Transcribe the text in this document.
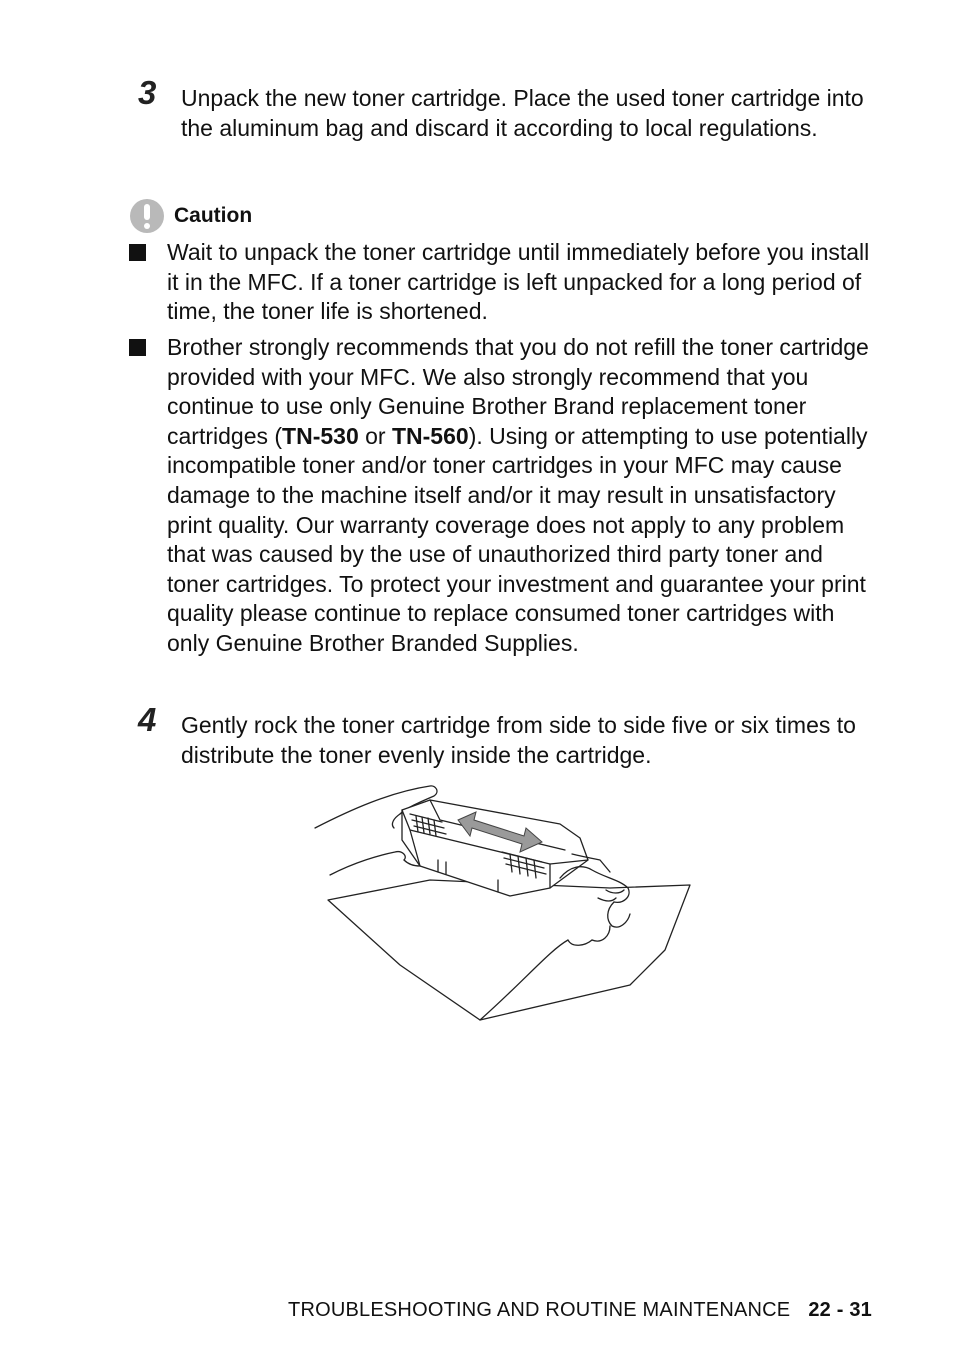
3 Unpack the new toner cartridge. Place the used toner cartridge into the aluminum bag and discard it according to local regulations.
Caution
Wait to unpack the toner cartridge until immediately before you install it in the MFC. If a toner cartridge is left unpacked for a long period of time, the toner life is shortened.
Brother strongly recommends that you do not refill the toner cartridge provided with your MFC. We also strongly recommend that you continue to use only Genuine Brother Brand replacement toner cartridges (TN-530 or TN-560). Using or attempting to use potentially incompatible toner and/or toner cartridges in your MFC may cause damage to the machine itself and/or it may result in unsatisfactory print quality. Our warranty coverage does not apply to any problem that was caused by the use of unauthorized third party toner and toner cartridges. To protect your investment and guarantee your print quality please continue to replace consumed toner cartridges with only Genuine Brother Branded Supplies.
4 Gently rock the toner cartridge from side to side five or six times to distribute the toner evenly inside the cartridge.
TROUBLESHOOTING AND ROUTINE MAINTENANCE 22 - 31
